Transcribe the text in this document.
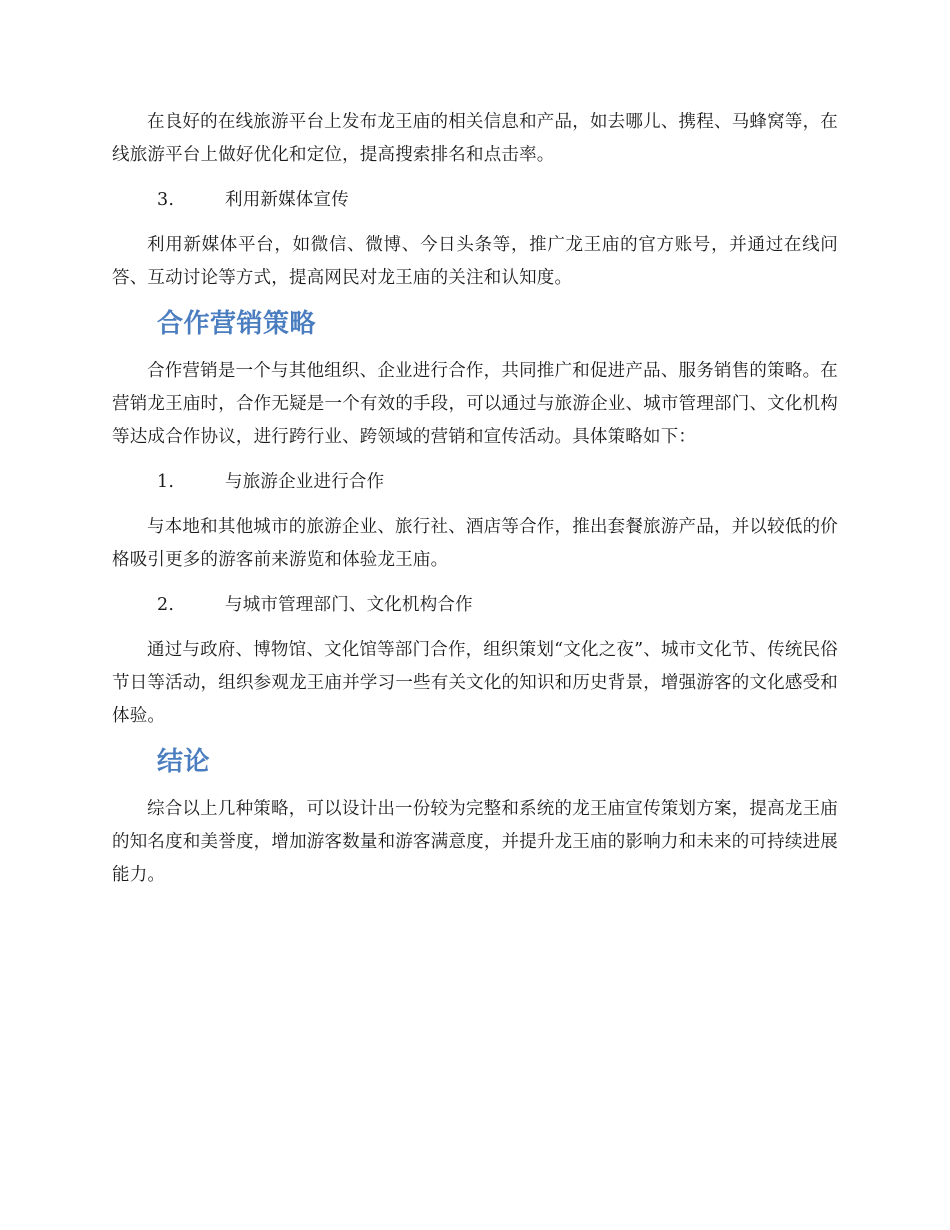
在良好的在线旅游平台上发布龙王庙的相关信息和产品，如去哪儿、携程、马蜂窝等，在线旅游平台上做好优化和定位，提高搜索排名和点击率。

3.	利用新媒体宣传

利用新媒体平台，如微信、微博、今日头条等，推广龙王庙的官方账号，并通过在线问答、互动讨论等方式，提高网民对龙王庙的关注和认知度。

合作营销策略

合作营销是一个与其他组织、企业进行合作，共同推广和促进产品、服务销售的策略。在营销龙王庙时，合作无疑是一个有效的手段，可以通过与旅游企业、城市管理部门、文化机构等达成合作协议，进行跨行业、跨领域的营销和宣传活动。具体策略如下：

1.	与旅游企业进行合作

与本地和其他城市的旅游企业、旅行社、酒店等合作，推出套餐旅游产品，并以较低的价格吸引更多的游客前来游览和体验龙王庙。

2.	与城市管理部门、文化机构合作

通过与政府、博物馆、文化馆等部门合作，组织策划“文化之夜”、城市文化节、传统民俗节日等活动，组织参观龙王庙并学习一些有关文化的知识和历史背景，增强游客的文化感受和体验。

结论

综合以上几种策略，可以设计出一份较为完整和系统的龙王庙宣传策划方案，提高龙王庙的知名度和美誉度，增加游客数量和游客满意度，并提升龙王庙的影响力和未来的可持续进展能力。
